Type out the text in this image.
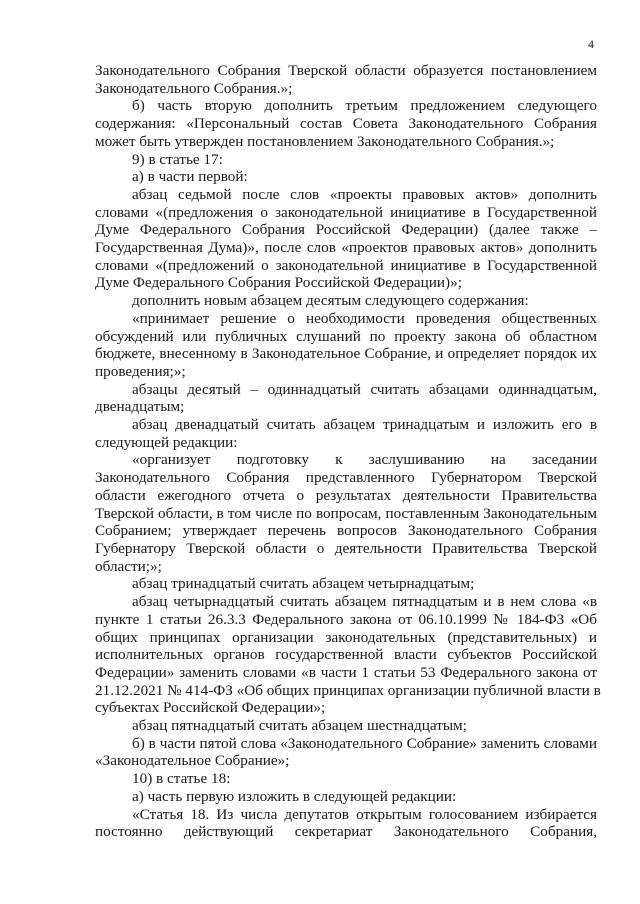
4

Законодательного Собрания Тверской области образуется постановлением
Законодательного Собрания.»;

б) часть вторую дополнить третьим предложением следующего
содержания: «Персональный состав Совета Законодательного Собрания
может быть утвержден постановлением Законодательного Собрания.»;

9) в статье 17:

а) в части первой:

абзац седьмой после слов «проекты правовых актов» дополнить
словами «(предложения о законодательной инициативе в Государственной
Думе Федерального Собрания Российской Федерации) (далее также –
Государственная Дума)», после слов «проектов правовых актов» дополнить
словами «(предложений о законодательной инициативе в Государственной
Думе Федерального Собрания Российской Федерации)»;

дополнить новым абзацем десятым следующего содержания:

«принимает решение о необходимости проведения общественных
обсуждений или публичных слушаний по проекту закона об областном
бюджете, внесенному в Законодательное Собрание, и определяет порядок их
проведения;»;

абзацы десятый – одиннадцатый считать абзацами одиннадцатым,
двенадцатым;

абзац двенадцатый считать абзацем тринадцатым и изложить его в
следующей редакции:

«организует подготовку к заслушиванию на заседании
Законодательного Собрания представленного Губернатором Тверской
области ежегодного отчета о результатах деятельности Правительства
Тверской области, в том числе по вопросам, поставленным Законодательным
Собранием; утверждает перечень вопросов Законодательного Собрания
Губернатору Тверской области о деятельности Правительства Тверской
области;»;

абзац тринадцатый считать абзацем четырнадцатым;

абзац четырнадцатый считать абзацем пятнадцатым и в нем слова «в
пункте 1 статьи 26.3.3 Федерального закона от 06.10.1999 № 184-ФЗ «Об
общих принципах организации законодательных (представительных) и
исполнительных органов государственной власти субъектов Российской
Федерации» заменить словами «в части 1 статьи 53 Федерального закона от
21.12.2021 № 414-ФЗ «Об общих принципах организации публичной власти в
субъектах Российской Федерации»;

абзац пятнадцатый считать абзацем шестнадцатым;

б) в части пятой слова «Законодательного Собрание» заменить словами
«Законодательное Собрание»;

10) в статье 18:

а) часть первую изложить в следующей редакции:

«Статья 18. Из числа депутатов открытым голосованием избирается
постоянно действующий секретариат Законодательного Собрания,
